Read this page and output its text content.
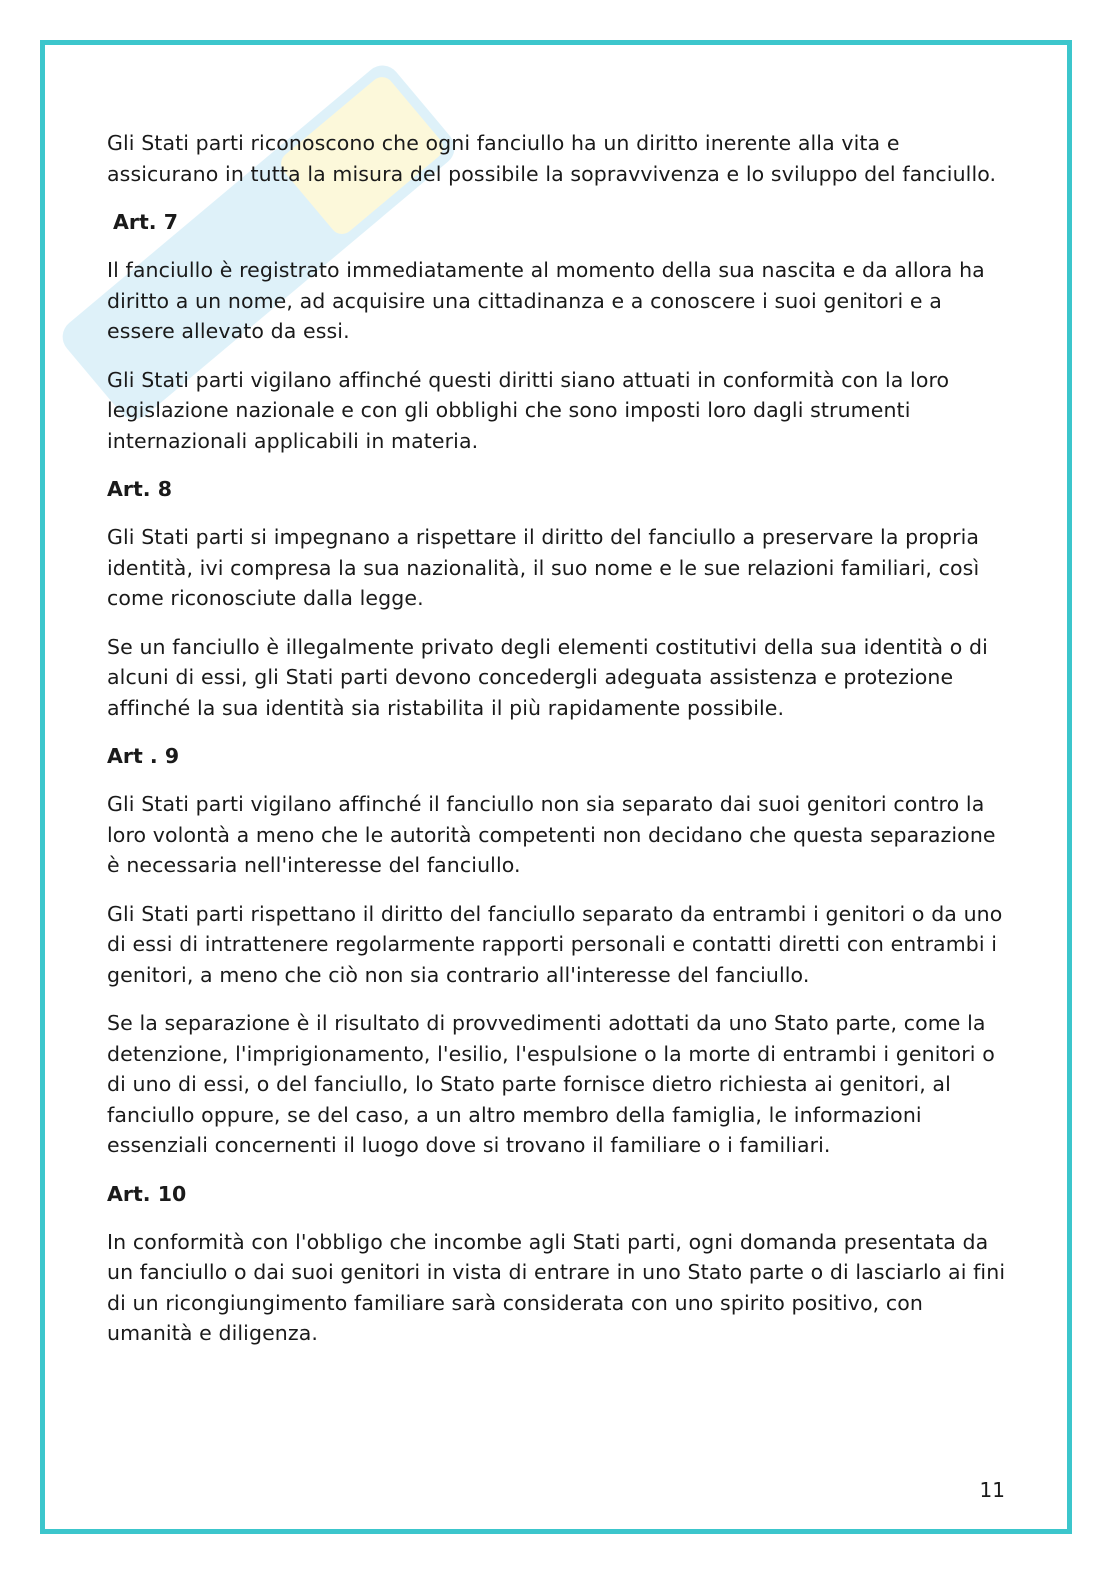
Gli Stati parti riconoscono che ogni fanciullo ha un diritto inerente alla vita e assicurano in tutta la misura del possibile la sopravvivenza e lo sviluppo del fanciullo.

Art. 7

Il fanciullo è registrato immediatamente al momento della sua nascita e da allora ha diritto a un nome, ad acquisire una cittadinanza e a conoscere i suoi genitori e a essere allevato da essi.

Gli Stati parti vigilano affinché questi diritti siano attuati in conformità con la loro legislazione nazionale e con gli obblighi che sono imposti loro dagli strumenti internazionali applicabili in materia.

Art. 8

Gli Stati parti si impegnano a rispettare il diritto del fanciullo a preservare la propria identità, ivi compresa la sua nazionalità, il suo nome e le sue relazioni familiari, così come riconosciute dalla legge.

Se un fanciullo è illegalmente privato degli elementi costitutivi della sua identità o di alcuni di essi, gli Stati parti devono concedergli adeguata assistenza e protezione affinché la sua identità sia ristabilita il più rapidamente possibile.

Art . 9

Gli Stati parti vigilano affinché il fanciullo non sia separato dai suoi genitori contro la loro volontà a meno che le autorità competenti non decidano che questa separazione è necessaria nell'interesse del fanciullo.

Gli Stati parti rispettano il diritto del fanciullo separato da entrambi i genitori o da uno di essi di intrattenere regolarmente rapporti personali e contatti diretti con entrambi i genitori, a meno che ciò non sia contrario all'interesse del fanciullo.

Se la separazione è il risultato di provvedimenti adottati da uno Stato parte, come la detenzione, l'imprigionamento, l'esilio, l'espulsione o la morte di entrambi i genitori o di uno di essi, o del fanciullo, lo Stato parte fornisce dietro richiesta ai genitori, al fanciullo oppure, se del caso, a un altro membro della famiglia, le informazioni essenziali concernenti il luogo dove si trovano il familiare o i familiari.

Art. 10

In conformità con l'obbligo che incombe agli Stati parti, ogni domanda presentata da un fanciullo o dai suoi genitori in vista di entrare in uno Stato parte o di lasciarlo ai fini di un ricongiungimento familiare sarà considerata con uno spirito positivo, con umanità e diligenza.

11
